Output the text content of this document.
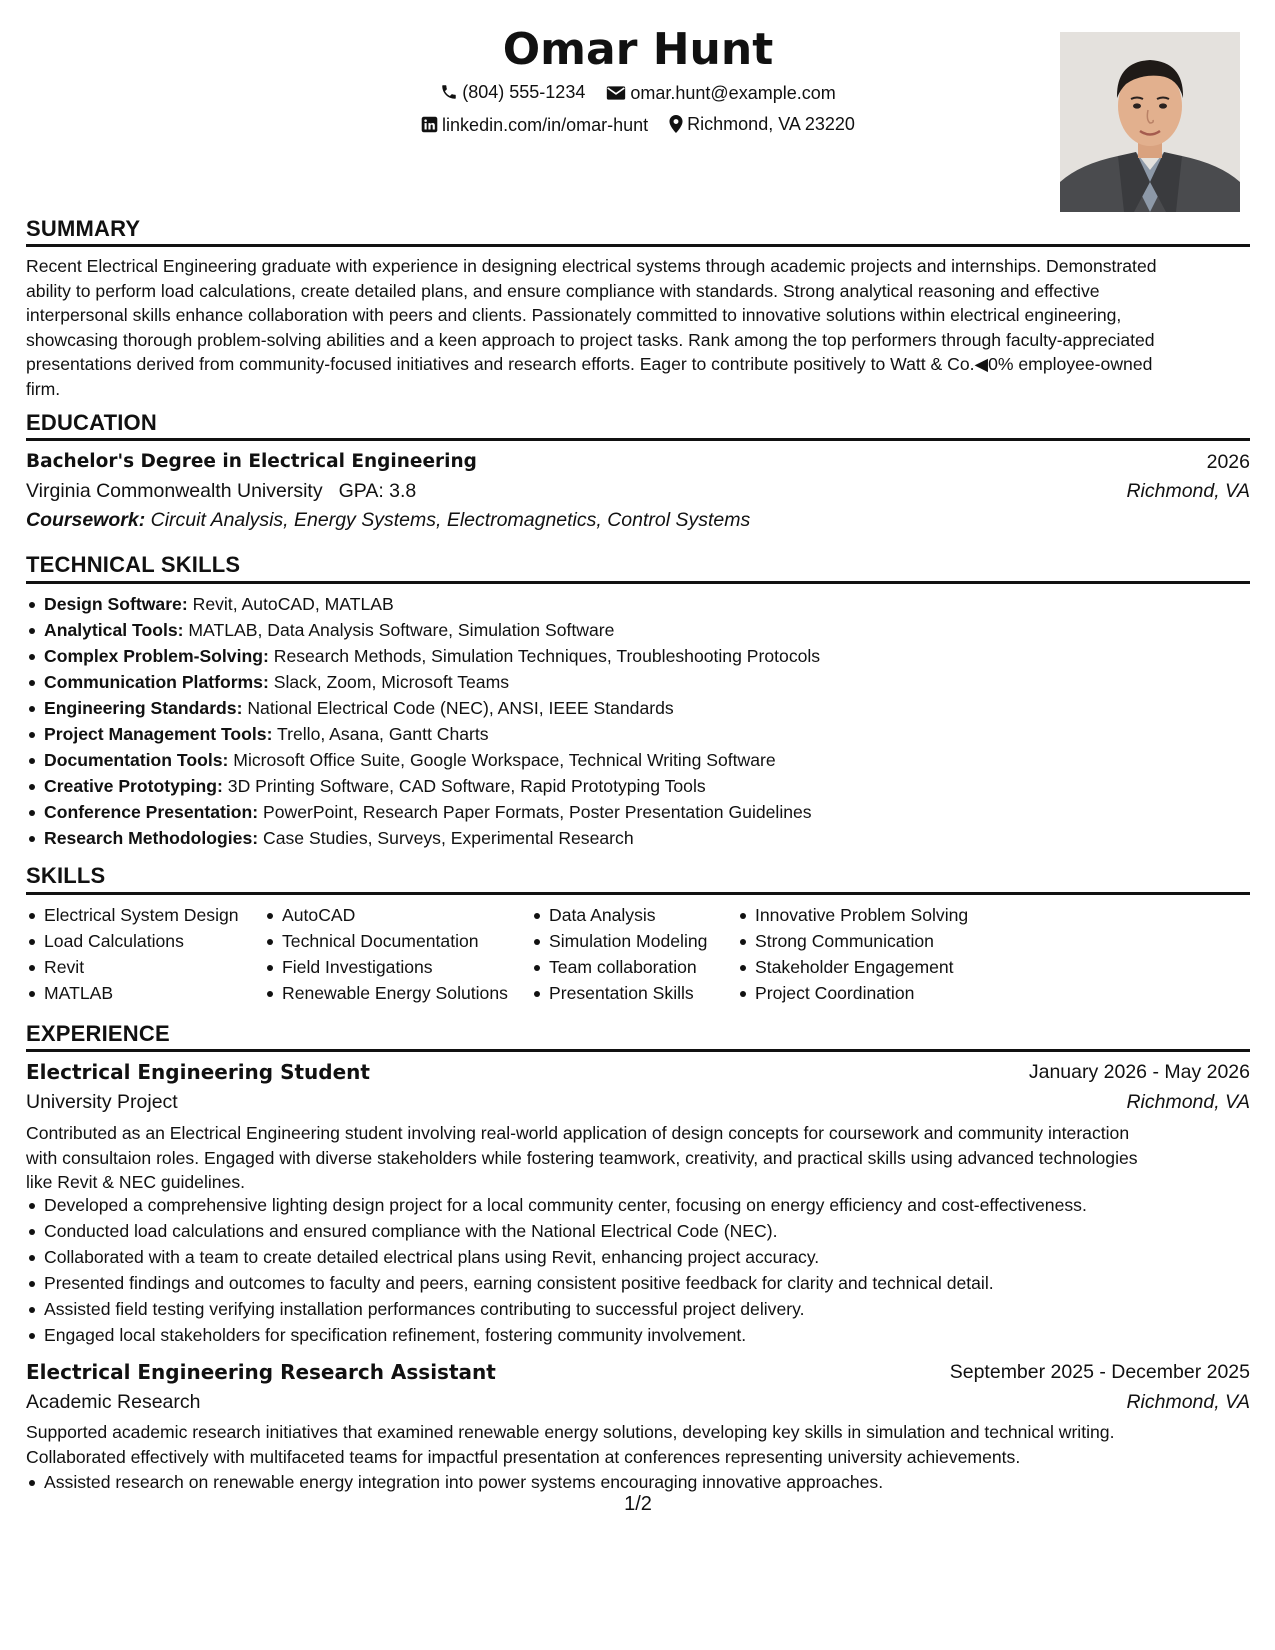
Omar Hunt
(804) 555-1234
	omar.hunt@example.com
linkedin.com/in/omar-hunt
Richmond, VA 23220
SUMMARY
Recent Electrical Engineering graduate with experience in designing electrical systems through academic projects and internships. Demonstrated
ability to perform load calculations, create detailed plans, and ensure compliance with standards. Strong analytical reasoning and effective
interpersonal skills enhance collaboration with peers and clients. Passionately committed to innovative solutions within electrical engineering,
showcasing thorough problem-solving abilities and a keen approach to project tasks. Rank among the top performers through faculty-appreciated
presentations derived from community-focused initiatives and research efforts. Eager to contribute positively to Watt & Co.◀0% employee-owned
firm.
EDUCATION
Bachelor's Degree in Electrical Engineering	2026
Virginia Commonwealth University GPA: 3.8	Richmond, VA
Coursework: Circuit Analysis, Energy Systems, Electromagnetics, Control Systems
TECHNICAL SKILLS
Design Software: Revit, AutoCAD, MATLAB
Analytical Tools: MATLAB, Data Analysis Software, Simulation Software
Complex Problem-Solving: Research Methods, Simulation Techniques, Troubleshooting Protocols
Communication Platforms: Slack, Zoom, Microsoft Teams
Engineering Standards: National Electrical Code (NEC), ANSI, IEEE Standards
Project Management Tools: Trello, Asana, Gantt Charts
Documentation Tools: Microsoft Office Suite, Google Workspace, Technical Writing Software
Creative Prototyping: 3D Printing Software, CAD Software, Rapid Prototyping Tools
Conference Presentation: PowerPoint, Research Paper Formats, Poster Presentation Guidelines
Research Methodologies: Case Studies, Surveys, Experimental Research
SKILLS
Electrical System Design
Load Calculations
Revit
MATLAB
AutoCAD
Technical Documentation
Field Investigations
Renewable Energy Solutions
Data Analysis
Simulation Modeling
Team collaboration
Presentation Skills
Innovative Problem Solving
Strong Communication
Stakeholder Engagement
Project Coordination
EXPERIENCE
Electrical Engineering Student	January 2026 - May 2026
University Project	Richmond, VA
Contributed as an Electrical Engineering student involving real-world application of design concepts for coursework and community interaction
with consultaion roles. Engaged with diverse stakeholders while fostering teamwork, creativity, and practical skills using advanced technologies
like Revit & NEC guidelines.
Developed a comprehensive lighting design project for a local community center, focusing on energy efficiency and cost-effectiveness.
Conducted load calculations and ensured compliance with the National Electrical Code (NEC).
Collaborated with a team to create detailed electrical plans using Revit, enhancing project accuracy.
Presented findings and outcomes to faculty and peers, earning consistent positive feedback for clarity and technical detail.
Assisted field testing verifying installation performances contributing to successful project delivery.
Engaged local stakeholders for specification refinement, fostering community involvement.
Electrical Engineering Research Assistant	September 2025 - December 2025
Academic Research	Richmond, VA
Supported academic research initiatives that examined renewable energy solutions, developing key skills in simulation and technical writing.
Collaborated effectively with multifaceted teams for impactful presentation at conferences representing university achievements.
Assisted research on renewable energy integration into power systems encouraging innovative approaches.
1/2
